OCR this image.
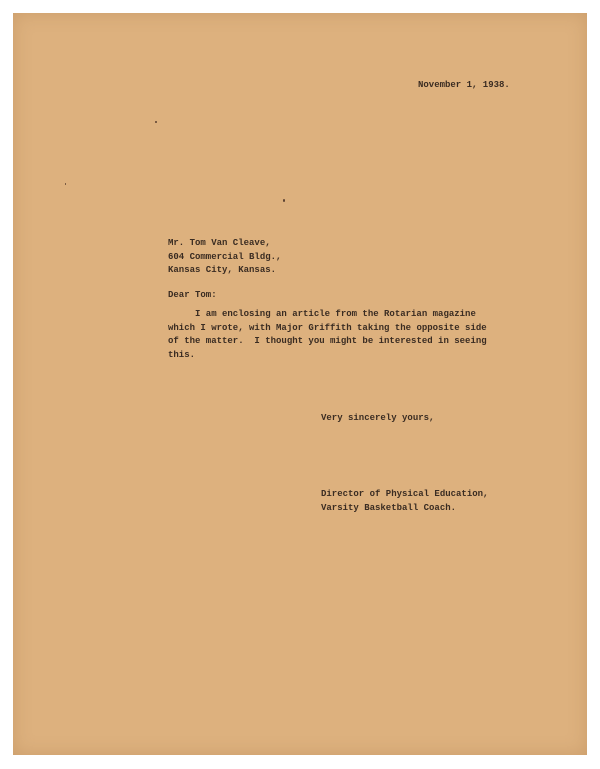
November 1, 1938.
Mr. Tom Van Cleave,
604 Commercial Bldg.,
Kansas City, Kansas.
Dear Tom:
I am enclosing an article from the Rotarian magazine
which I wrote, with Major Griffith taking the opposite side
of the matter.  I thought you might be interested in seeing
this.
Very sincerely yours,
Director of Physical Education,
Varsity Basketball Coach.
